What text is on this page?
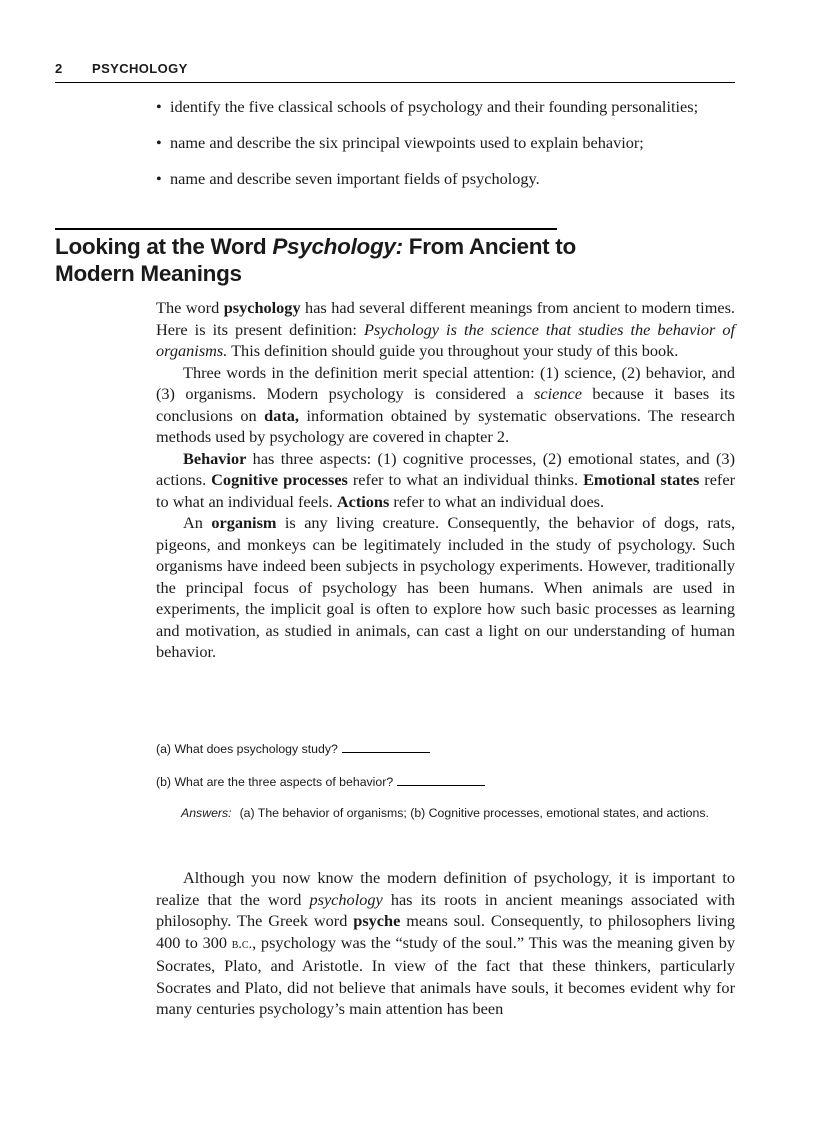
2 PSYCHOLOGY
• identify the five classical schools of psychology and their founding personalities;
• name and describe the six principal viewpoints used to explain behavior;
• name and describe seven important fields of psychology.
Looking at the Word Psychology: From Ancient to Modern Meanings

The word psychology has had several different meanings from ancient to modern times. Here is its present definition: Psychology is the science that studies the behavior of organisms. This definition should guide you throughout your study of this book.

Three words in the definition merit special attention: (1) science, (2) behavior, and (3) organisms. Modern psychology is considered a science because it bases its conclusions on data, information obtained by systematic observations. The research methods used by psychology are covered in chapter 2.

Behavior has three aspects: (1) cognitive processes, (2) emotional states, and (3) actions. Cognitive processes refer to what an individual thinks. Emotional states refer to what an individual feels. Actions refer to what an individual does.

An organism is any living creature. Consequently, the behavior of dogs, rats, pigeons, and monkeys can be legitimately included in the study of psychology. Such organisms have indeed been subjects in psychology experiments. However, traditionally the principal focus of psychology has been humans. When animals are used in experiments, the implicit goal is often to explore how such basic processes as learning and motivation, as studied in animals, can cast a light on our understanding of human behavior.

(a) What does psychology study?

(b) What are the three aspects of behavior?

Answers: (a) The behavior of organisms; (b) Cognitive processes, emotional states, and actions.

Although you now know the modern definition of psychology, it is important to realize that the word psychology has its roots in ancient meanings associated with philosophy. The Greek word psyche means soul. Consequently, to philosophers living 400 to 300 b.c., psychology was the “study of the soul.” This was the meaning given by Socrates, Plato, and Aristotle. In view of the fact that these thinkers, particularly Socrates and Plato, did not believe that animals have souls, it becomes evident why for many centuries psychology’s main attention has been
